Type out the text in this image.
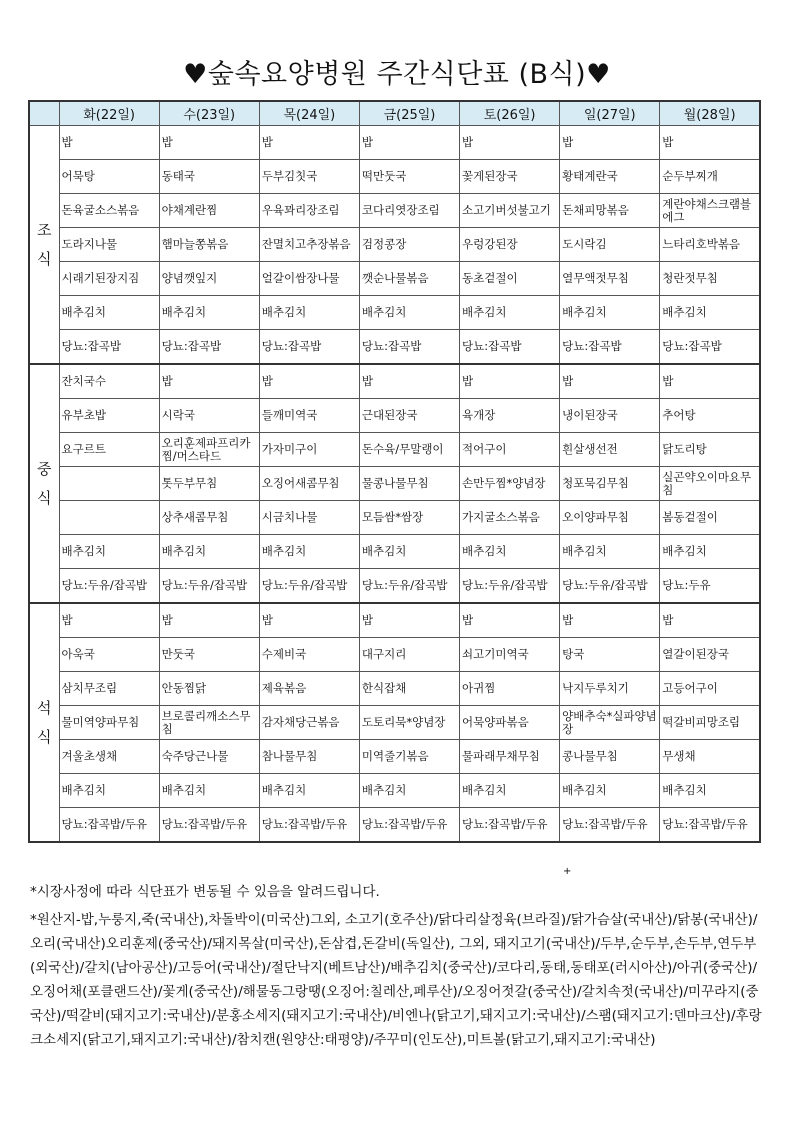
♥숲속요양병원 주간식단표 (B식)♥
	화(22일)	수(23일)	목(24일)	금(25일)	토(26일)	일(27일)	월(28일)
조
식	밥	밥	밥	밥	밥	밥	밥
	어묵탕	동태국	두부김칫국	떡만둣국	꽃게된장국	황태계란국	순두부찌개
	돈육굴소스볶음	야채계란찜	우육꽈리장조림	코다리엿장조림	소고기버섯불고기	돈채피망볶음	계란야채스크램블에그
	도라지나물	햄마늘쫑볶음	잔멸치고추장볶음	검정콩장	우렁강된장	도시락김	느타리호박볶음
	시래기된장지짐	양념깻잎지	얼갈이쌈장나물	깻순나물볶음	동초겉절이	열무액젓무침	청란젓무침
	배추김치	배추김치	배추김치	배추김치	배추김치	배추김치	배추김치
	당뇨:잡곡밥	당뇨:잡곡밥	당뇨:잡곡밥	당뇨:잡곡밥	당뇨:잡곡밥	당뇨:잡곡밥	당뇨:잡곡밥
중
식	잔치국수	밥	밥	밥	밥	밥	밥
	유부초밥	시락국	들깨미역국	근대된장국	육개장	냉이된장국	추어탕
	요구르트	오리훈제파프리카찜/머스타드	가자미구이	돈수육/무말랭이	적어구이	흰살생선전	닭도리탕
		톳두부무침	오징어새콤무침	물콩나물무침	손만두찜*양념장	청포묵김무침	실곤약오이마요무침
		상추새콤무침	시금치나물	모듬쌈*쌈장	가지굴소스볶음	오이양파무침	봄동겉절이
	배추김치	배추김치	배추김치	배추김치	배추김치	배추김치	배추김치
	당뇨:두유/잡곡밥	당뇨:두유/잡곡밥	당뇨:두유/잡곡밥	당뇨:두유/잡곡밥	당뇨:두유/잡곡밥	당뇨:두유/잡곡밥	당뇨:두유
석
식	밥	밥	밥	밥	밥	밥	밥
	아욱국	만둣국	수제비국	대구지리	쇠고기미역국	탕국	열갈이된장국
	삼치무조림	안동찜닭	제육볶음	한식잡채	아귀찜	낙지두루치기	고등어구이
	물미역양파무침	브로콜리깨소스무침	감자채당근볶음	도토리묵*양념장	어묵양파볶음	양배추숙*실파양념장	떡갈비피망조림
	겨울초생채	숙주당근나물	참나물무침	미역줄기볶음	물파래무채무침	콩나물무침	무생채
	배추김치	배추김치	배추김치	배추김치	배추김치	배추김치	배추김치
	당뇨:잡곡밥/두유	당뇨:잡곡밥/두유	당뇨:잡곡밥/두유	당뇨:잡곡밥/두유	당뇨:잡곡밥/두유	당뇨:잡곡밥/두유	당뇨:잡곡밥/두유
+

*시장사정에 따라 식단표가 변동될 수 있음을 알려드립니다.

*원산지-밥,누룽지,죽(국내산),차돌박이(미국산)그외, 소고기(호주산)/닭다리살정육(브라질)/닭가슴살(국내산)/닭봉(국내산)/오리(국내산)오리훈제(중국산)/돼지목살(미국산),돈삼겹,돈갈비(독일산), 그외, 돼지고기(국내산)/두부,순두부,손두부,연두부(외국산)/갈치(남아공산)/고등어(국내산)/절단낙지(베트남산)/배추김치(중국산)/코다리,동태,동태포(러시아산)/아귀(중국산)/오징어채(포클랜드산)/꽃게(중국산)/해물동그랑땡(오징어:칠레산,페루산)/오징어젓갈(중국산)/갈치속젓(국내산)/미꾸라지(중국산)/떡갈비(돼지고기:국내산)/분홍소세지(돼지고기:국내산)/비엔나(닭고기,돼지고기:국내산)/스팸(돼지고기:덴마크산)/후랑크소세지(닭고기,돼지고기:국내산)/참치캔(원양산:태평양)/주꾸미(인도산),미트볼(닭고기,돼지고기:국내산)
